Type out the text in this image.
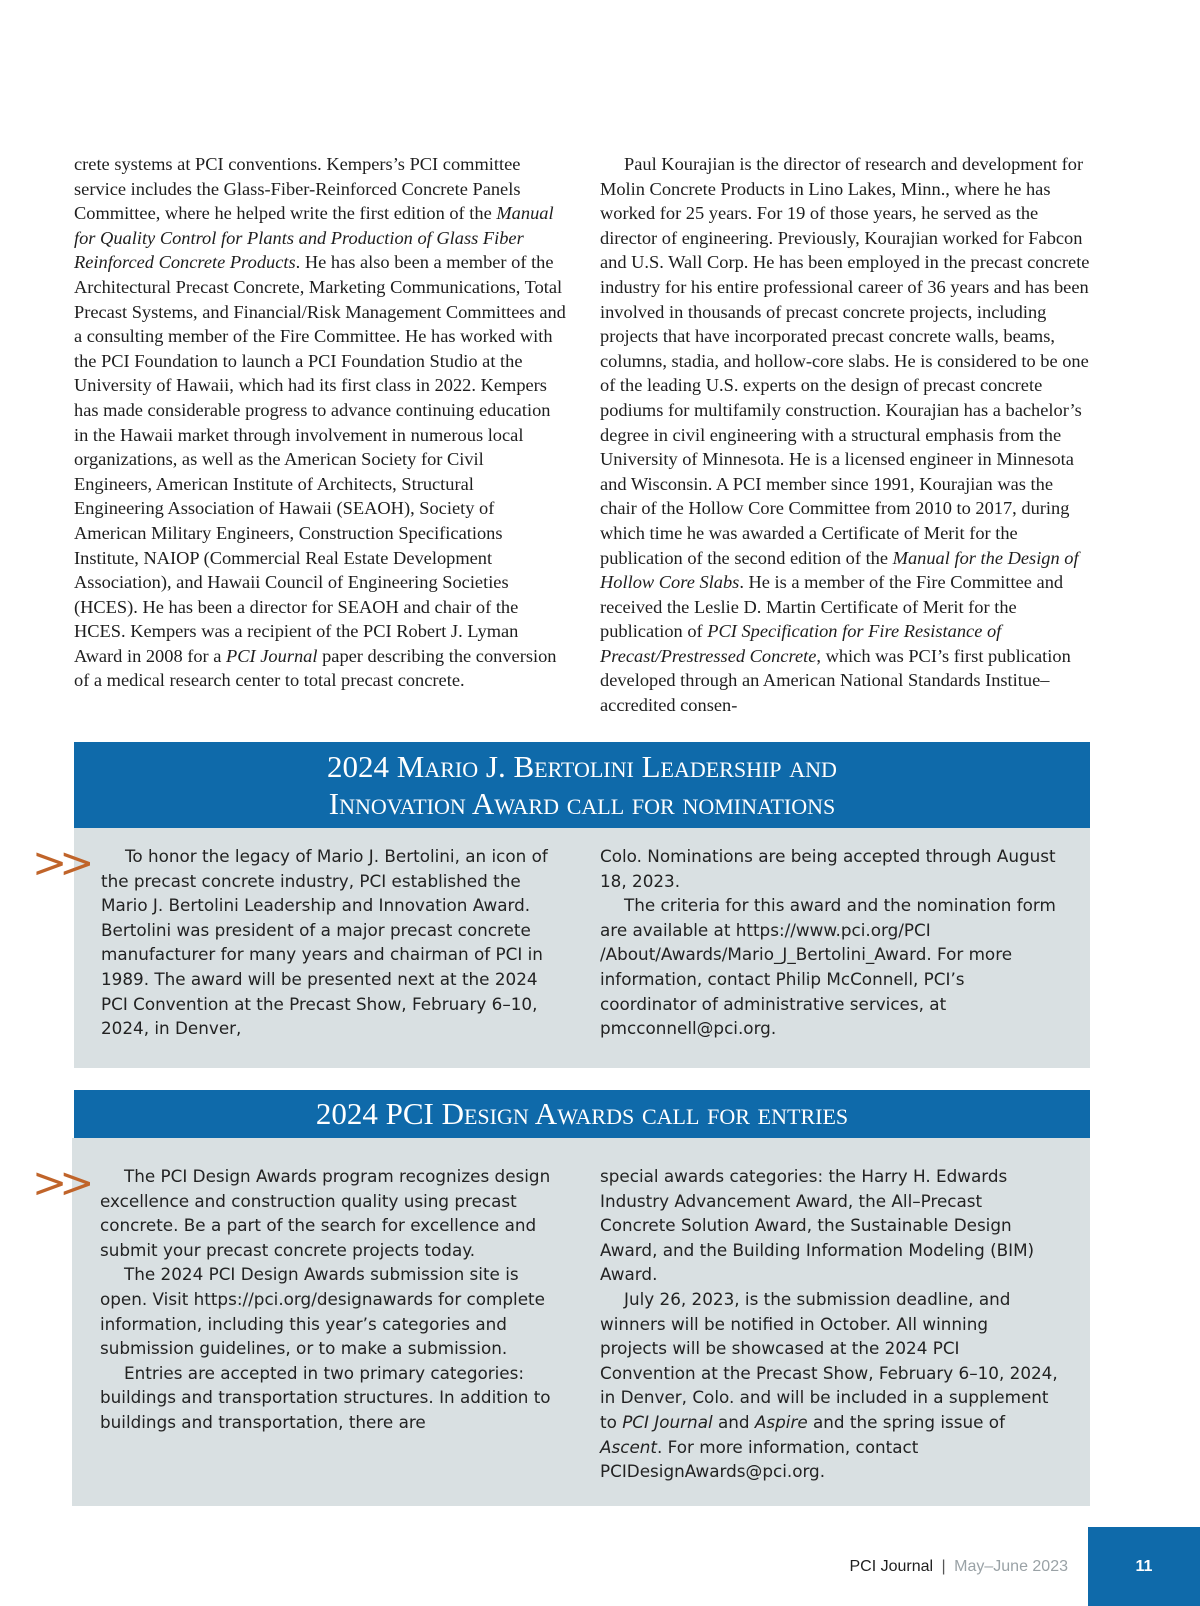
crete systems at PCI conventions. Kempers’s PCI committee service includes the Glass-Fiber-Reinforced Concrete Panels Committee, where he helped write the first edition of the Manual for Quality Control for Plants and Production of Glass Fiber Reinforced Concrete Products. He has also been a member of the Architectural Precast Concrete, Marketing Communications, Total Precast Systems, and Financial/Risk Management Committees and a consulting member of the Fire Committee. He has worked with the PCI Foundation to launch a PCI Foundation Studio at the University of Hawaii, which had its first class in 2022. Kempers has made considerable progress to advance continuing education in the Hawaii market through involvement in numerous local organizations, as well as the American Society for Civil Engineers, American Institute of Architects, Structural Engineering Association of Hawaii (SEAOH), Society of American Military Engineers, Construction Specifications Institute, NAIOP (Commercial Real Estate Development Association), and Hawaii Council of Engineering Societies (HCES). He has been a director for SEAOH and chair of the HCES. Kempers was a recipient of the PCI Robert J. Lyman Award in 2008 for a PCI Journal paper describing the conversion of a medical research center to total precast concrete.

Paul Kourajian is the director of research and development for Molin Concrete Products in Lino Lakes, Minn., where he has worked for 25 years. For 19 of those years, he served as the director of engineering. Previously, Kourajian worked for Fabcon and U.S. Wall Corp. He has been employed in the precast concrete industry for his entire professional career of 36 years and has been involved in thousands of precast concrete projects, including projects that have incorporated precast concrete walls, beams, columns, stadia, and hollow-core slabs. He is considered to be one of the leading U.S. experts on the design of precast concrete podiums for multifamily construction. Kourajian has a bachelor’s degree in civil engineering with a structural emphasis from the University of Minnesota. He is a licensed engineer in Minnesota and Wisconsin. A PCI member since 1991, Kourajian was the chair of the Hollow Core Committee from 2010 to 2017, during which time he was awarded a Certificate of Merit for the publication of the second edition of the Manual for the Design of Hollow Core Slabs. He is a member of the Fire Committee and received the Leslie D. Martin Certificate of Merit for the publication of PCI Specification for Fire Resistance of Precast/Prestressed Concrete, which was PCI’s first publication developed through an American National Standards Institue–accredited consen-

2024 Mario J. Bertolini Leadership and
Innovation Award call for nominations

To honor the legacy of Mario J. Bertolini, an icon of the precast concrete industry, PCI established the Mario J. Bertolini Leadership and Innovation Award. Bertolini was president of a major precast concrete manufacturer for many years and chairman of PCI in 1989. The award will be presented next at the 2024 PCI Convention at the Precast Show, February 6–10, 2024, in Denver,

Colo. Nominations are being accepted through August 18, 2023.

The criteria for this award and the nomination form are available at https://www.pci.org/PCI /About/Awards/Mario_J_Bertolini_Award. For more information, contact Philip McConnell, PCI’s coordinator of administrative services, at pmcconnell@pci.org.

>>
2024 PCI Design Awards call for entries

The PCI Design Awards program recognizes design excellence and construction quality using precast concrete. Be a part of the search for excellence and submit your precast concrete projects today.

The 2024 PCI Design Awards submission site is open. Visit https://pci.org/designawards for complete information, including this year’s categories and submission guidelines, or to make a submission.

Entries are accepted in two primary categories: buildings and transportation structures. In addition to buildings and transportation, there are

special awards categories: the Harry H. Edwards Industry Advancement Award, the All–Precast Concrete Solution Award, the Sustainable Design Award, and the Building Information Modeling (BIM) Award.

July 26, 2023, is the submission deadline, and winners will be notified in October. All winning projects will be showcased at the 2024 PCI Convention at the Precast Show, February 6–10, 2024, in Denver, Colo. and will be included in a supplement to PCI Journal and Aspire and the spring issue of Ascent. For more information, contact PCIDesignAwards@pci.org.

>>
PCI Journal | May–June 2023	11
